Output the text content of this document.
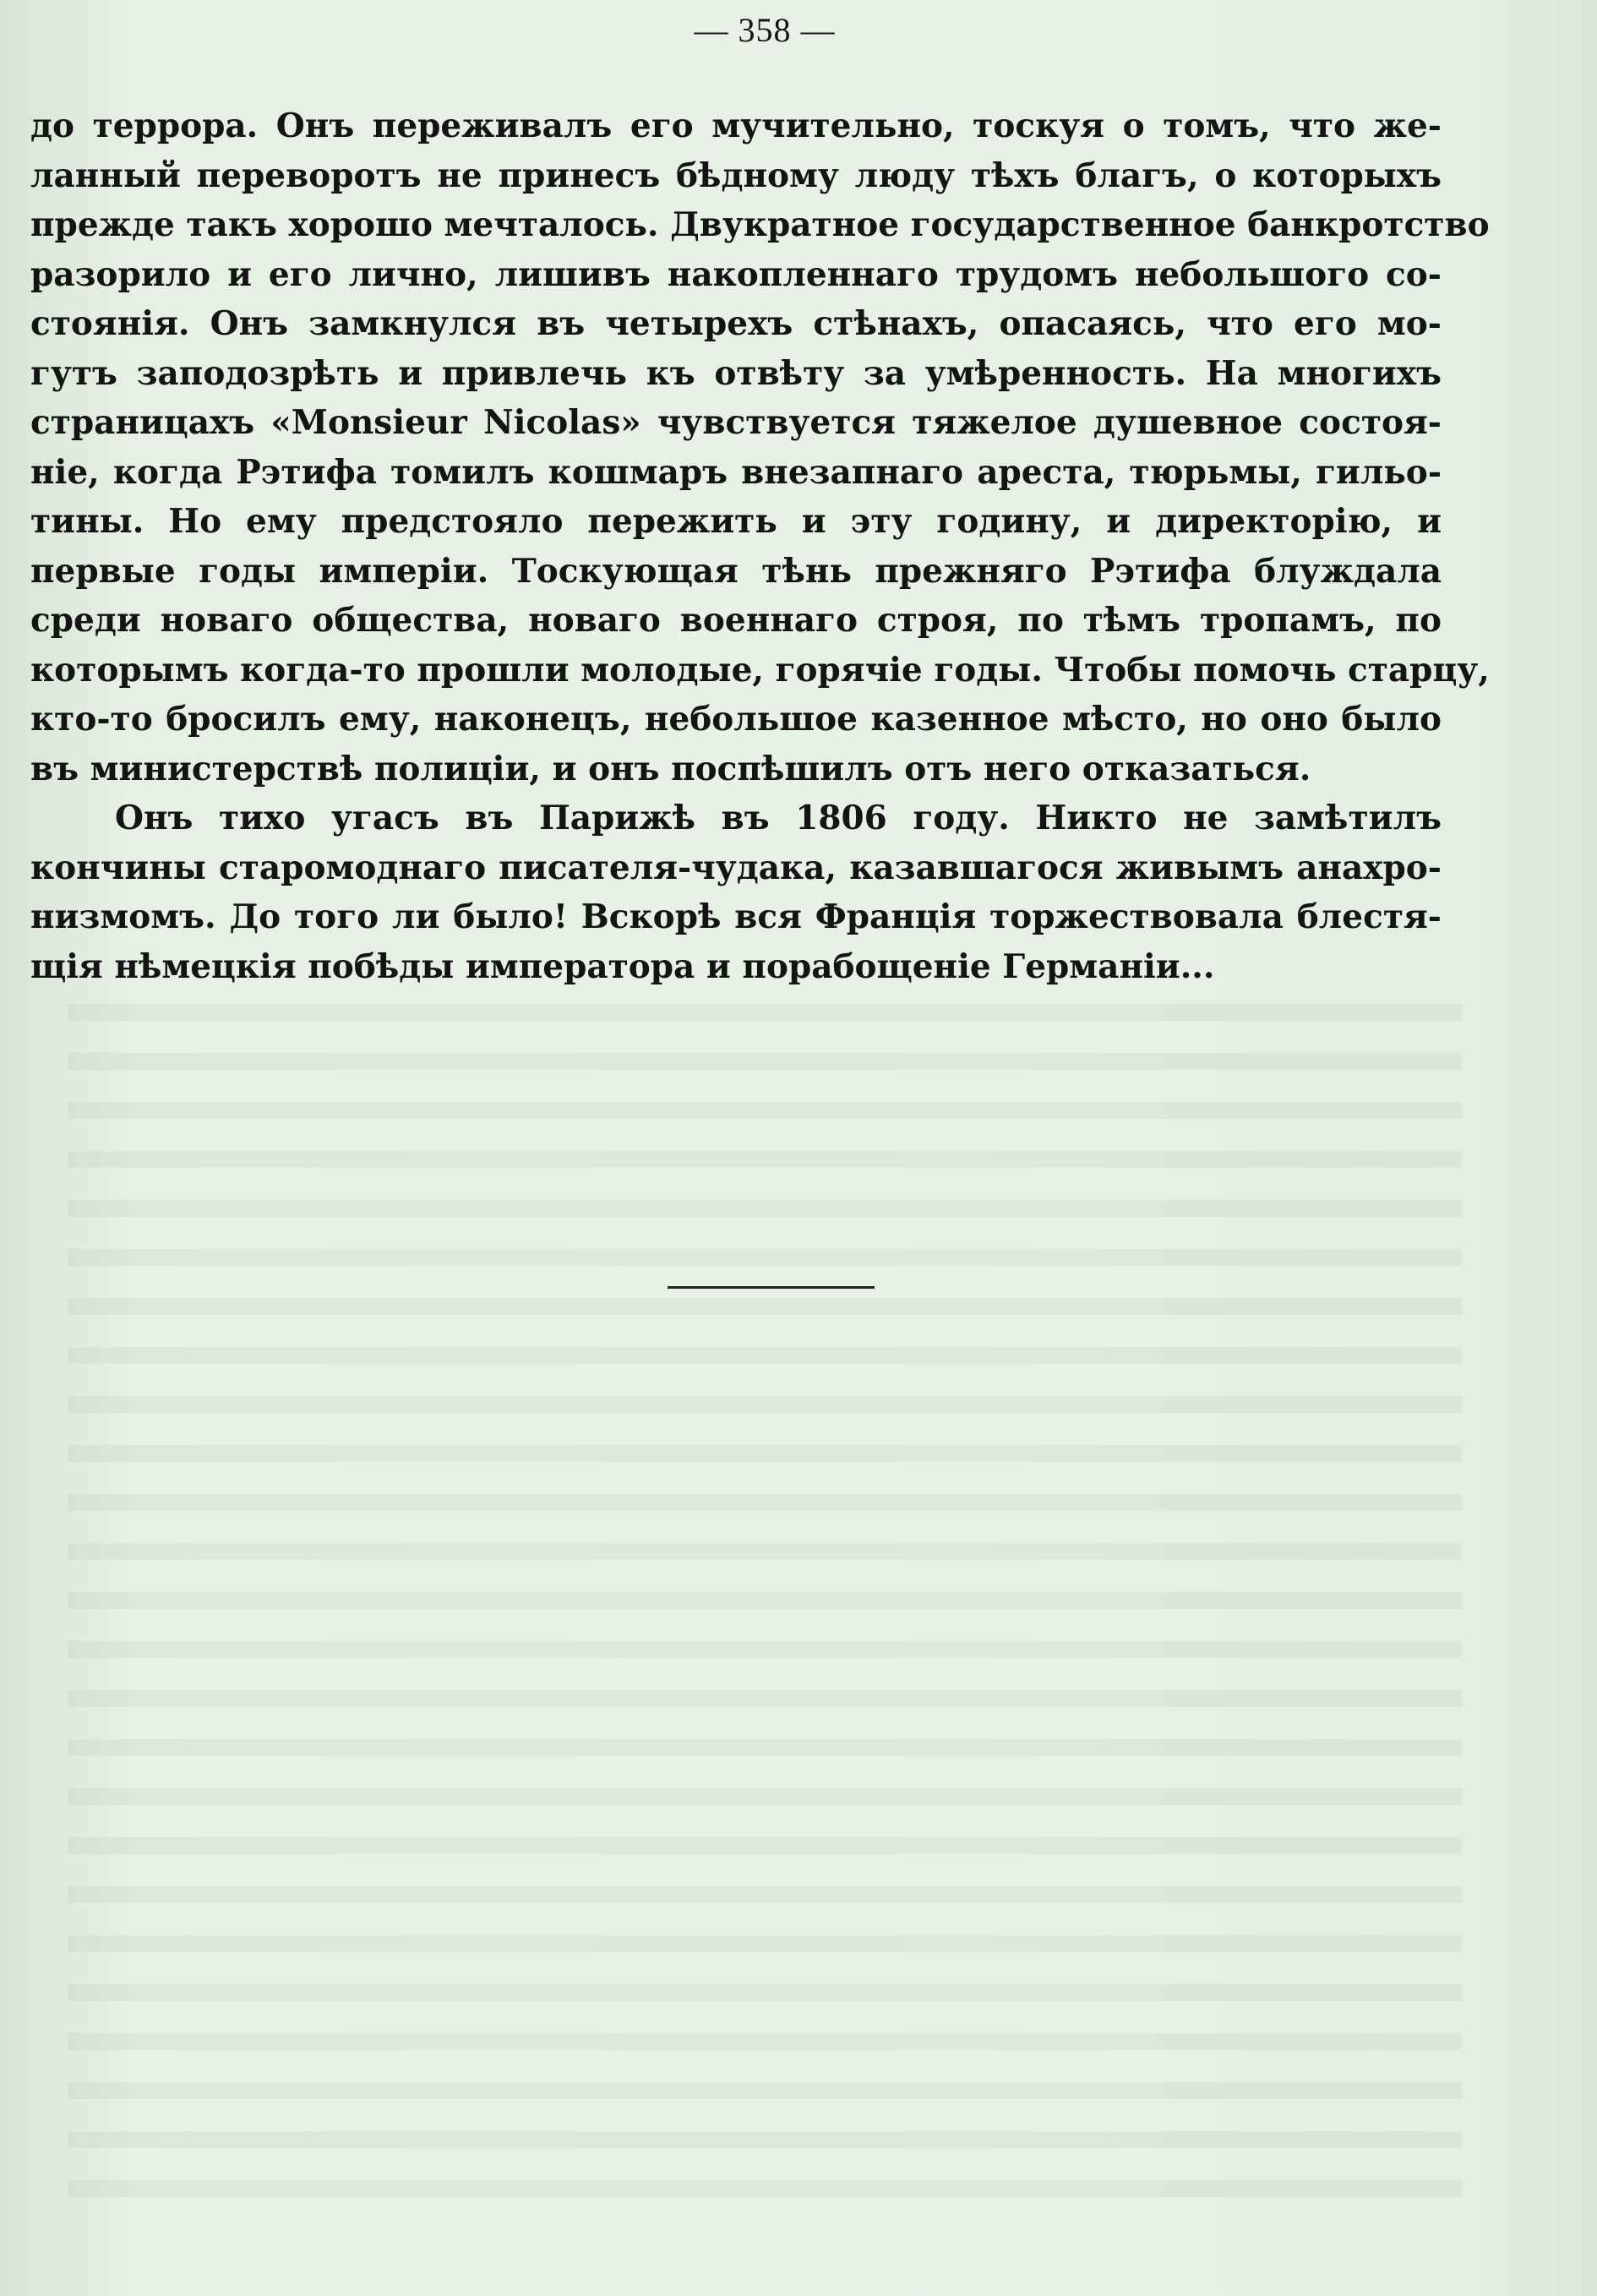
— 358 —
до террора. Онъ переживалъ его мучительно, тоскуя о томъ, что же-
ланный переворотъ не принесъ бѣдному люду тѣхъ благъ, о которыхъ
прежде такъ хорошо мечталось. Двукратное государственное банкротство
разорило и его лично, лишивъ накопленнаго трудомъ небольшого со-
стоянія. Онъ замкнулся въ четырехъ стѣнахъ, опасаясь, что его мо-
гутъ заподозрѣть и привлечь къ отвѣту за умѣренность. На многихъ
страницахъ «Monsieur Nicolas» чувствуется тяжелое душевное состоя-
ніе, когда Рэтифа томилъ кошмаръ внезапнаго ареста, тюрьмы, гильо-
тины. Но ему предстояло пережить и эту годину, и директорію, и
первые годы имперіи. Тоскующая тѣнь прежняго Рэтифа блуждала
среди новаго общества, новаго военнаго строя, по тѣмъ тропамъ, по
которымъ когда-то прошли молодые, горячіе годы. Чтобы помочь старцу,
кто-то бросилъ ему, наконецъ, небольшое казенное мѣсто, но оно было
въ министерствѣ полиціи, и онъ поспѣшилъ отъ него отказаться.
Онъ тихо угасъ въ Парижѣ въ 1806 году. Никто не замѣтилъ
кончины старомоднаго писателя-чудака, казавшагося живымъ анахро-
низмомъ. До того ли было! Вскорѣ вся Франція торжествовала блестя-
щія нѣмецкія побѣды императора и порабощеніе Германіи...
